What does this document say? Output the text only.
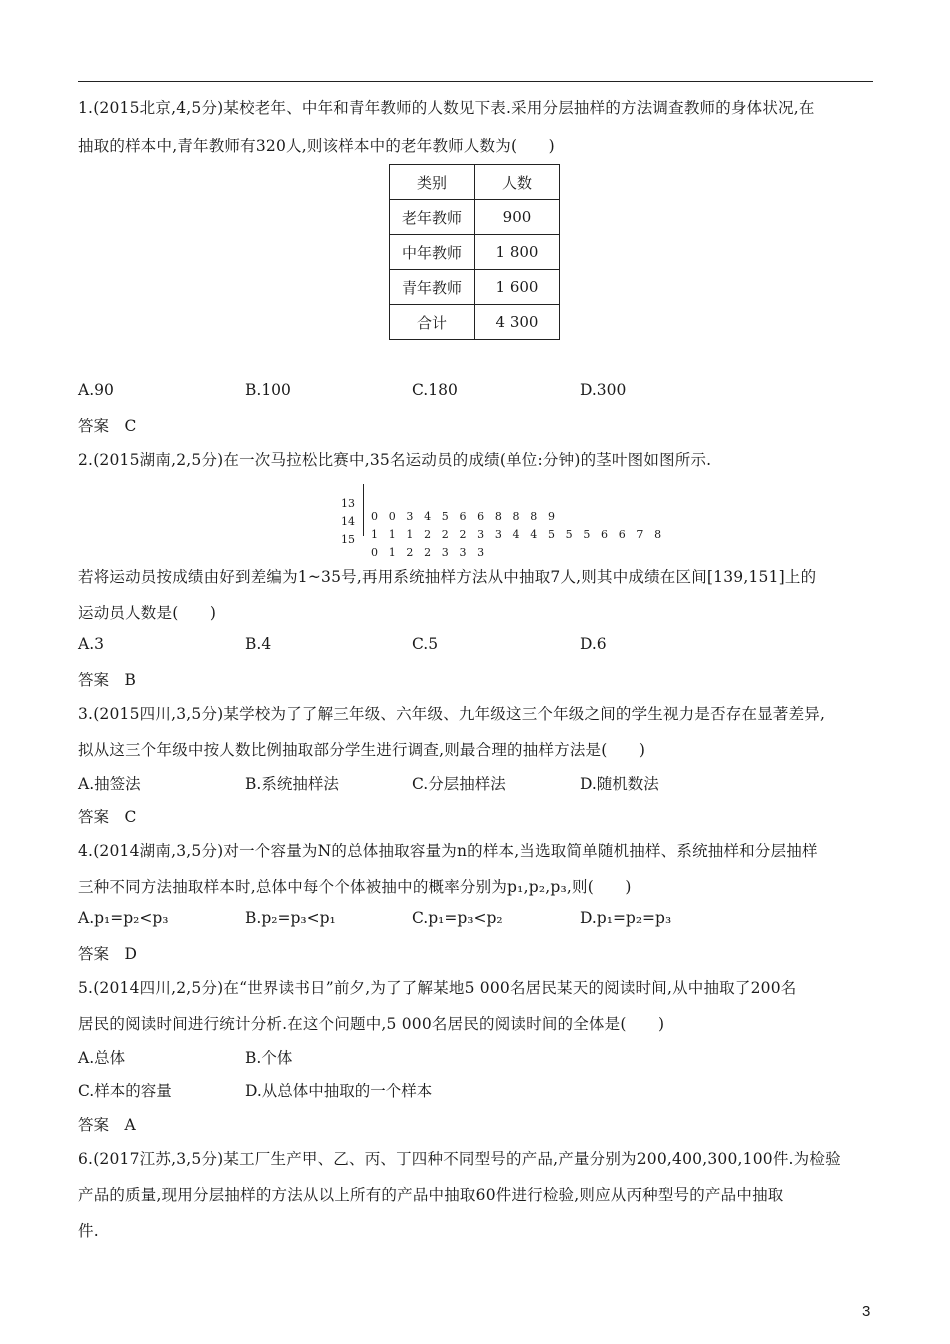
1.(2015北京,4,5分)某校老年、中年和青年教师的人数见下表.采用分层抽样的方法调查教师的身体状况,在
抽取的样本中,青年教师有320人,则该样本中的老年教师人数为(　　)
类别	人数
老年教师	900
中年教师	1 800
青年教师	1 600
合计	4 300
A.90	B.100	C.180	D.300
答案　C
2.(2015湖南,2,5分)在一次马拉松比赛中,35名运动员的成绩(单位:分钟)的茎叶图如图所示.

13

0 0 3 4 5 6 6 8 8 8 9

14

1 1 1 2 2 2 3 3 4 4 5 5 5 6 6 7 8

15

0 1 2 2 3 3 3

若将运动员按成绩由好到差编为1~35号,再用系统抽样方法从中抽取7人,则其中成绩在区间[139,151]上的
运动员人数是(　　)
A.3	B.4	C.5	D.6
答案　B
3.(2015四川,3,5分)某学校为了了解三年级、六年级、九年级这三个年级之间的学生视力是否存在显著差异,
拟从这三个年级中按人数比例抽取部分学生进行调查,则最合理的抽样方法是(　　)
A.抽签法	B.系统抽样法	C.分层抽样法	D.随机数法
答案　C
4.(2014湖南,3,5分)对一个容量为N的总体抽取容量为n的样本,当选取简单随机抽样、系统抽样和分层抽样
三种不同方法抽取样本时,总体中每个个体被抽中的概率分别为p₁,p₂,p₃,则(　　)
A.p₁=p₂<p₃	B.p₂=p₃<p₁	C.p₁=p₃<p₂	D.p₁=p₂=p₃
答案　D
5.(2014四川,2,5分)在“世界读书日”前夕,为了了解某地5 000名居民某天的阅读时间,从中抽取了200名
居民的阅读时间进行统计分析.在这个问题中,5 000名居民的阅读时间的全体是(　　)
A.总体	B.个体
C.样本的容量	D.从总体中抽取的一个样本
答案　A
6.(2017江苏,3,5分)某工厂生产甲、乙、丙、丁四种不同型号的产品,产量分别为200,400,300,100件.为检验
产品的质量,现用分层抽样的方法从以上所有的产品中抽取60件进行检验,则应从丙种型号的产品中抽取
件.
3
